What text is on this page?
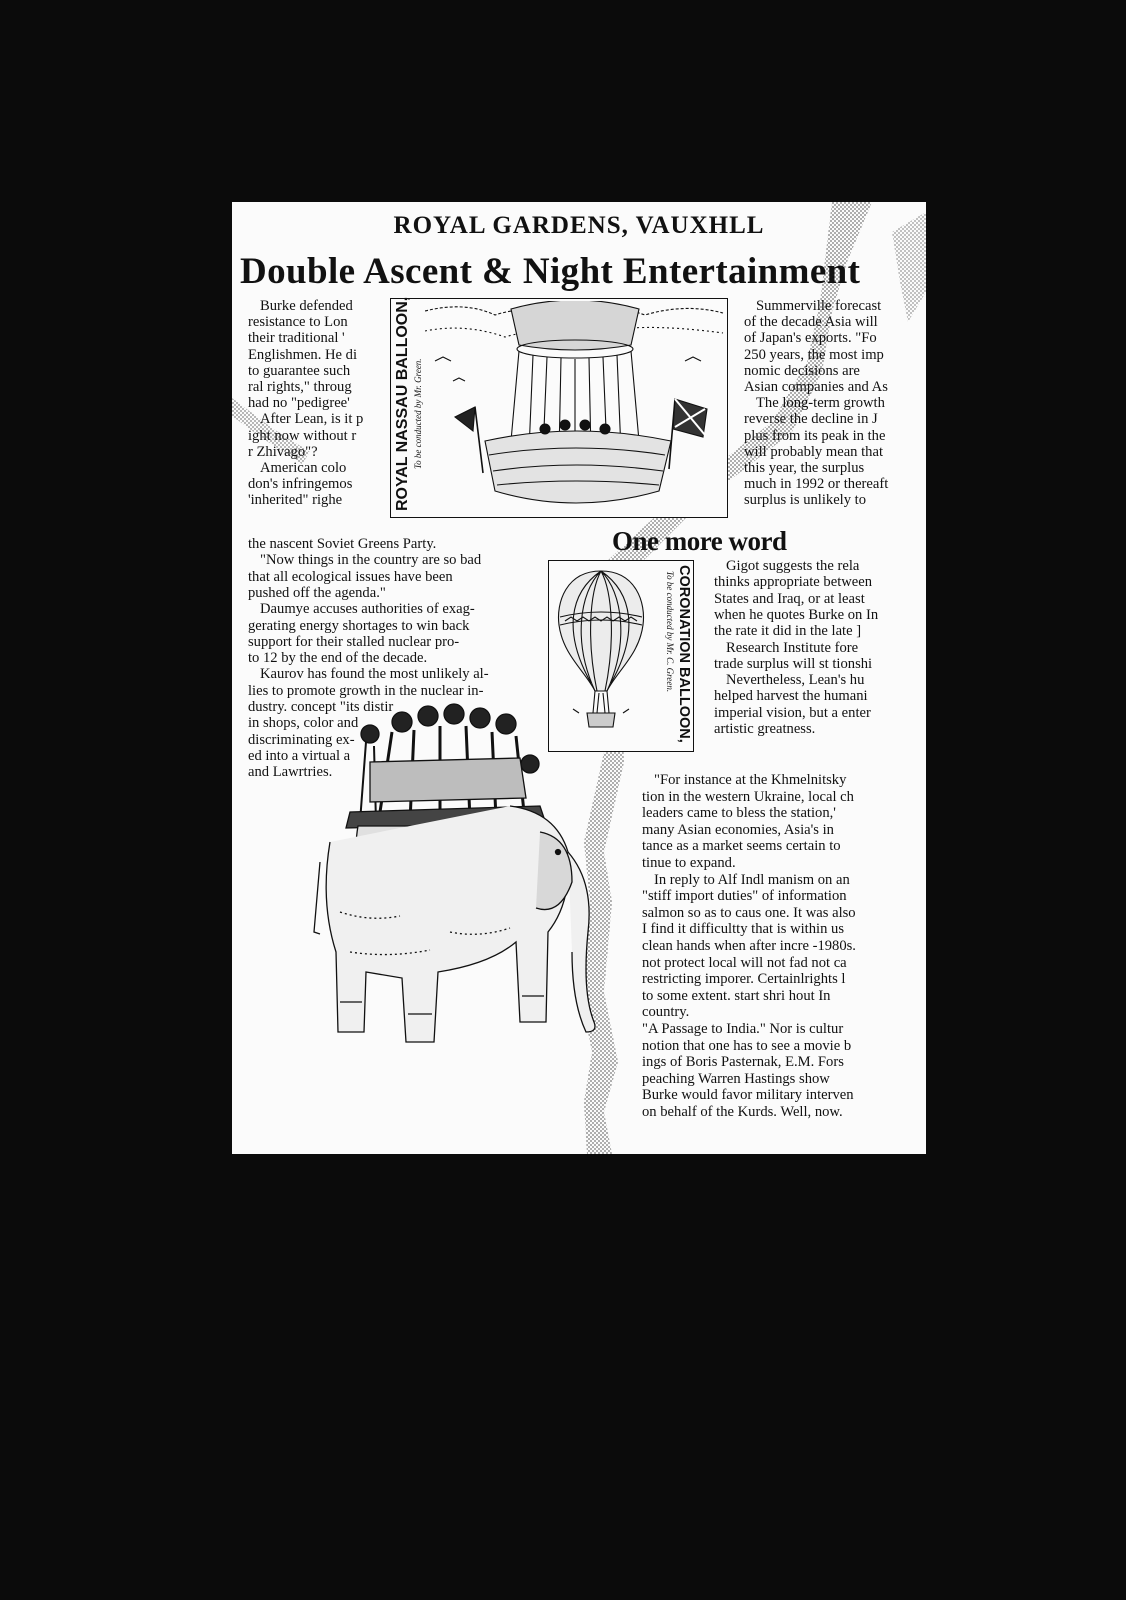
ROYAL GARDENS, VAUXHLL
Double Ascent & Night Entertainment
ROYAL NASSAU BALLOON, To be conducted by Mr. Green.
Burke defended
resistance to Lon
their traditional '
Englishmen. He di
to guarantee such
ral rights," throug
had no "pedigree'
After Lean, is it p
ight now without r
r Zhivago"?
American colo
don's infringemos
'inherited" righe
Summerville forecast
of the decade Asia will
of Japan's exports. "Fo
250 years, the most imp
nomic decisions are
Asian companies and As
The long-term growth
reverse the decline in J
plus from its peak in the
will probably mean that
this year, the surplus
much in 1992 or thereaft
surplus is unlikely to
the nascent Soviet Greens Party.
"Now things in the country are so bad
that all ecological issues have been
pushed off the agenda."
Daumye accuses authorities of exag-
gerating energy shortages to win back
support for their stalled nuclear pro-
to 12 by the end of the decade.
Kaurov has found the most unlikely al-
lies to promote growth in the nuclear in-
dustry. concept "its distir
in shops, color and
discriminating ex-
ed into a virtual a
and Lawrtries.
One more word
To be conducted by Mr. C. Green. CORONATION BALLOON, Gigot suggests the rela
thinks appropriate between
States and Iraq, or at least
when he quotes Burke on In
the rate it did in the late ]
Research Institute fore
trade surplus will st tionshi
Nevertheless, Lean's hu
helped harvest the humani
imperial vision, but a enter
artistic greatness.
"For instance at the Khmelnitsky
tion in the western Ukraine, local ch
leaders came to bless the station,'
many Asian economies, Asia's in
tance as a market seems certain to
tinue to expand.
In reply to Alf Indl manism on an
"stiff import duties" of information
salmon so as to caus one. It was also
I find it difficultty that is within us
clean hands when after incre -1980s.
not protect local will not fad not ca
restricting imporer. Certainlrights l
to some extent. start shri hout In
country.
"A Passage to India." Nor is cultur
notion that one has to see a movie b
ings of Boris Pasternak, E.M. Fors
peaching Warren Hastings show
Burke would favor military interven
on behalf of the Kurds. Well, now.
